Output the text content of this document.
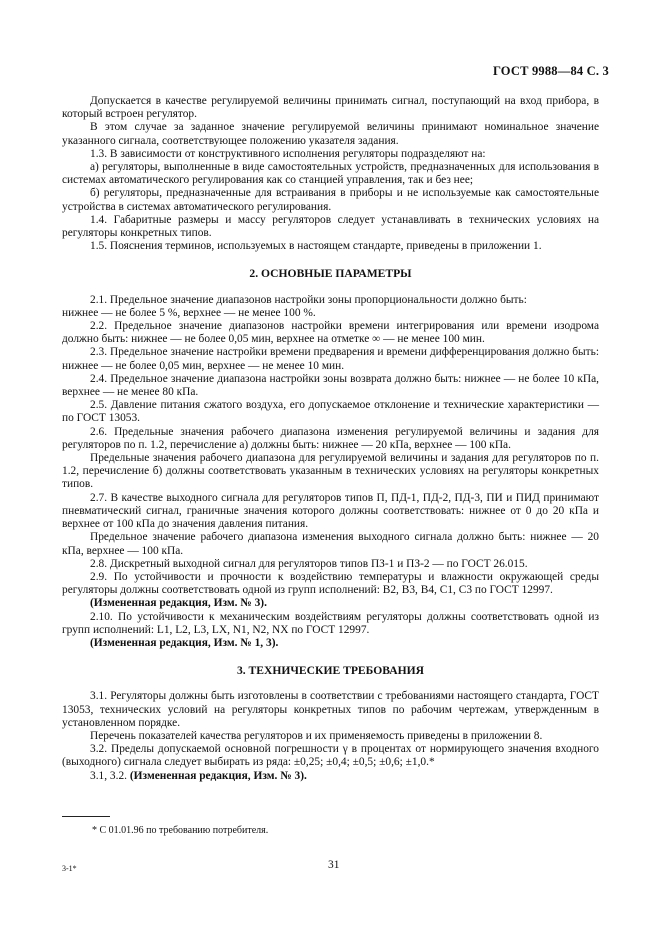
ГОСТ 9988—84 С. 3

Допускается в качестве регулируемой величины принимать сигнал, поступающий на вход прибора, в который встроен регулятор.

В этом случае за заданное значение регулируемой величины принимают номинальное значение указанного сигнала, соответствующее положению указателя задания.

1.3. В зависимости от конструктивного исполнения регуляторы подразделяют на:

а) регуляторы, выполненные в виде самостоятельных устройств, предназначенных для использования в системах автоматического регулирования как со станцией управления, так и без нее;

б) регуляторы, предназначенные для встраивания в приборы и не используемые как самостоятельные устройства в системах автоматического регулирования.

1.4. Габаритные размеры и массу регуляторов следует устанавливать в технических условиях на регуляторы конкретных типов.

1.5. Пояснения терминов, используемых в настоящем стандарте, приведены в приложении 1.

2. ОСНОВНЫЕ ПАРАМЕТРЫ

2.1. Предельное значение диапазонов настройки зоны пропорциональности должно быть:

нижнее — не более 5 %, верхнее — не менее 100 %.

2.2. Предельное значение диапазонов настройки времени интегрирования или времени изодрома должно быть: нижнее — не более 0,05 мин, верхнее на отметке ∞ — не менее 100 мин.

2.3. Предельное значение настройки времени предварения и времени дифференцирования должно быть: нижнее — не более 0,05 мин, верхнее — не менее 10 мин.

2.4. Предельное значение диапазона настройки зоны возврата должно быть: нижнее — не более 10 кПа, верхнее — не менее 80 кПа.

2.5. Давление питания сжатого воздуха, его допускаемое отклонение и технические характеристики — по ГОСТ 13053.

2.6. Предельные значения рабочего диапазона изменения регулируемой величины и задания для регуляторов по п. 1.2, перечисление а) должны быть: нижнее — 20 кПа, верхнее — 100 кПа.

Предельные значения рабочего диапазона для регулируемой величины и задания для регуляторов по п. 1.2, перечисление б) должны соответствовать указанным в технических условиях на регуляторы конкретных типов.

2.7. В качестве выходного сигнала для регуляторов типов П, ПД-1, ПД-2, ПД-3, ПИ и ПИД принимают пневматический сигнал, граничные значения которого должны соответствовать: нижнее от 0 до 20 кПа и верхнее от 100 кПа до значения давления питания.

Предельное значение рабочего диапазона изменения выходного сигнала должно быть: нижнее — 20 кПа, верхнее — 100 кПа.

2.8. Дискретный выходной сигнал для регуляторов типов ПЗ-1 и ПЗ-2 — по ГОСТ 26.015.

2.9. По устойчивости и прочности к воздействию температуры и влажности окружающей среды регуляторы должны соответствовать одной из групп исполнений: В2, В3, В4, С1, С3 по ГОСТ 12997.

(Измененная редакция, Изм. № 3).

2.10. По устойчивости к механическим воздействиям регуляторы должны соответствовать одной из групп исполнений: L1, L2, L3, LX, N1, N2, NX по ГОСТ 12997.

(Измененная редакция, Изм. № 1, 3).

3. ТЕХНИЧЕСКИЕ ТРЕБОВАНИЯ

3.1. Регуляторы должны быть изготовлены в соответствии с требованиями настоящего стандарта, ГОСТ 13053, технических условий на регуляторы конкретных типов по рабочим чертежам, утвержденным в установленном порядке.

Перечень показателей качества регуляторов и их применяемость приведены в приложении 8.

3.2. Пределы допускаемой основной погрешности γ в процентах от нормирующего значения входного (выходного) сигнала следует выбирать из ряда: ±0,25; ±0,4; ±0,5; ±0,6; ±1,0.*

3.1, 3.2. (Измененная редакция, Изм. № 3).

* С 01.01.96 по требованию потребителя.
3-1*	31
